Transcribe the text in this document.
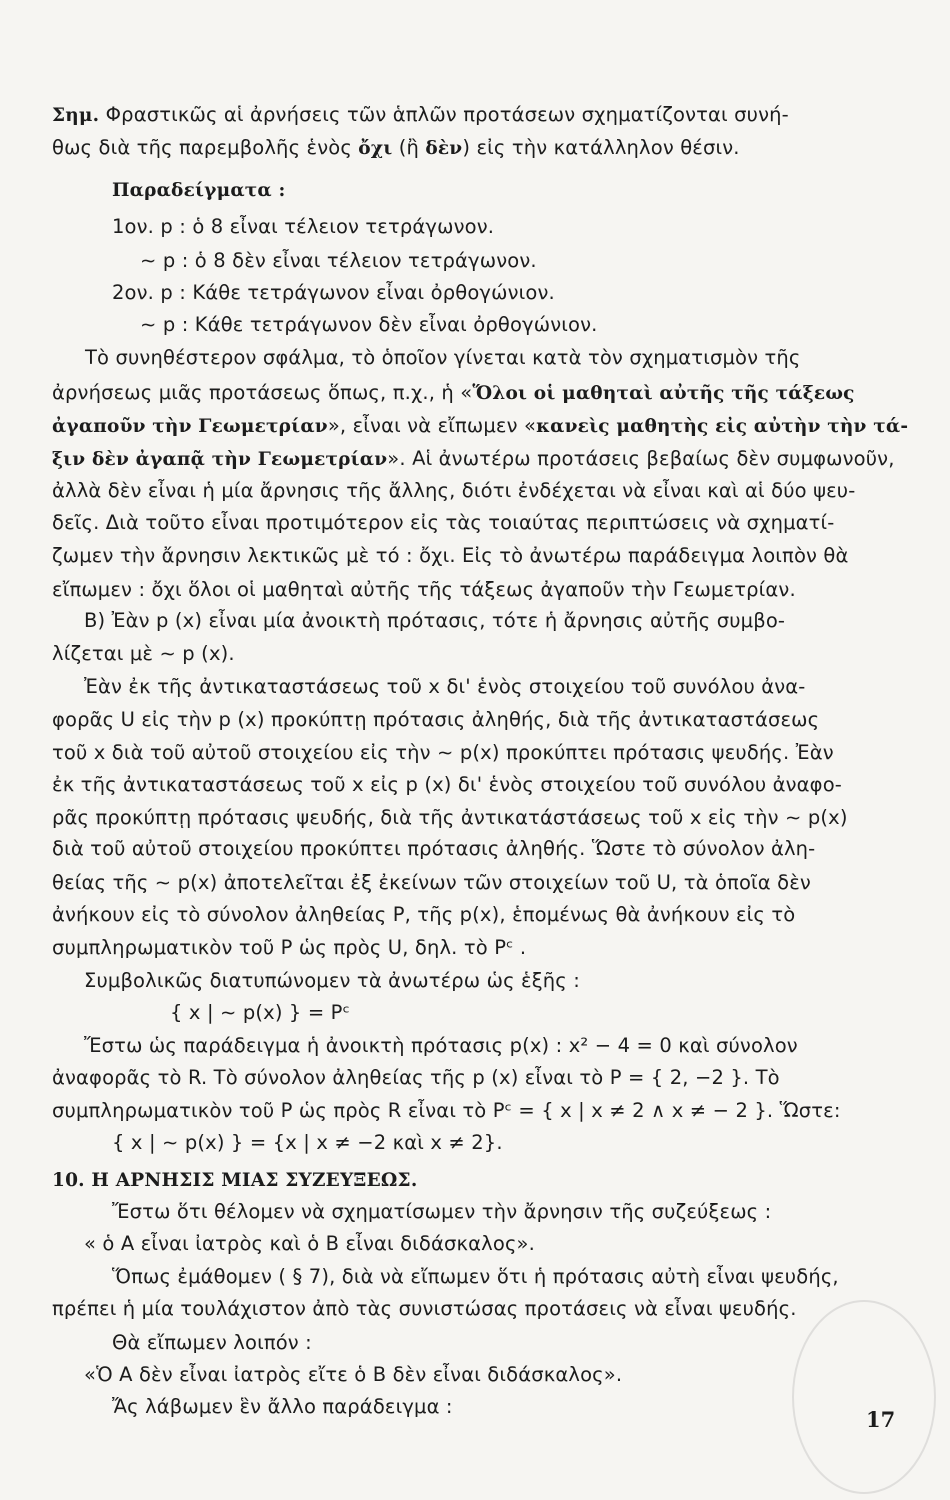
Σημ. Φραστικῶς αἱ ἀρνήσεις τῶν ἁπλῶν προτάσεων σχηματίζονται συνή-
θως διὰ τῆς παρεμβολῆς ἑνὸς ὄχι (ἢ δὲν) εἰς τὴν κατάλληλον θέσιν.
Παραδείγματα :
1ον. p : ὁ 8 εἶναι τέλειον τετράγωνον.
∼ p : ὁ 8 δὲν εἶναι τέλειον τετράγωνον.
2ον. p : Κάθε τετράγωνον εἶναι ὀρθογώνιον.
∼ p : Κάθε τετράγωνον δὲν εἶναι ὀρθογώνιον.
Τὸ συνηθέστερον σφάλμα, τὸ ὁποῖον γίνεται κατὰ τὸν σχηματισμὸν τῆς
ἀρνήσεως μιᾶς προτάσεως ὅπως, π.χ., ἡ «Ὅλοι οἱ μαθηταὶ αὐτῆς τῆς τάξεως
ἀγαποῦν τὴν Γεωμετρίαν», εἶναι νὰ εἴπωμεν «κανεὶς μαθητὴς εἰς αὐτὴν τὴν τά-
ξιν δὲν ἀγαπᾷ τὴν Γεωμετρίαν». Αἱ ἀνωτέρω προτάσεις βεβαίως δὲν συμφωνοῦν,
ἀλλὰ δὲν εἶναι ἡ μία ἄρνησις τῆς ἄλλης, διότι ἐνδέχεται νὰ εἶναι καὶ αἱ δύο ψευ-
δεῖς. Διὰ τοῦτο εἶναι προτιμότερον εἰς τὰς τοιαύτας περιπτώσεις νὰ σχηματί-
ζωμεν τὴν ἄρνησιν λεκτικῶς μὲ τό : ὄχι. Εἰς τὸ ἀνωτέρω παράδειγμα λοιπὸν θὰ
εἴπωμεν : ὄχι ὅλοι οἱ μαθηταὶ αὐτῆς τῆς τάξεως ἀγαποῦν τὴν Γεωμετρίαν.
Β) Ἐὰν p (x) εἶναι μία ἀνοικτὴ πρότασις, τότε ἡ ἄρνησις αὐτῆς συμβο-
λίζεται μὲ ∼ p (x).
Ἐὰν ἐκ τῆς ἀντικαταστάσεως τοῦ x δι' ἑνὸς στοιχείου τοῦ συνόλου ἀνα-
φορᾶς U εἰς τὴν p (x) προκύπτῃ πρότασις ἀληθής, διὰ τῆς ἀντικαταστάσεως
τοῦ x διὰ τοῦ αὐτοῦ στοιχείου εἰς τὴν ∼ p(x) προκύπτει πρότασις ψευδής. Ἐὰν
ἐκ τῆς ἀντικαταστάσεως τοῦ x εἰς p (x) δι' ἑνὸς στοιχείου τοῦ συνόλου ἀναφο-
ρᾶς προκύπτῃ πρότασις ψευδής, διὰ τῆς ἀντικατάστάσεως τοῦ x εἰς τὴν ∼ p(x)
διὰ τοῦ αὐτοῦ στοιχείου προκύπτει πρότασις ἀληθής. Ὥστε τὸ σύνολον ἀλη-
θείας τῆς ∼ p(x) ἀποτελεῖται ἐξ ἐκείνων τῶν στοιχείων τοῦ U, τὰ ὁποῖα δὲν
ἀνήκουν εἰς τὸ σύνολον ἀληθείας P, τῆς p(x), ἑπομένως θὰ ἀνήκουν εἰς τὸ
συμπληρωματικὸν τοῦ P ὡς πρὸς U, δηλ. τὸ Pᶜ .
Συμβολικῶς διατυπώνομεν τὰ ἀνωτέρω ὡς ἑξῆς :
{ x | ∼ p(x) } = Pᶜ
Ἔστω ὡς παράδειγμα ἡ ἀνοικτὴ πρότασις p(x) : x² − 4 = 0 καὶ σύνολον
ἀναφορᾶς τὸ R. Τὸ σύνολον ἀληθείας τῆς p (x) εἶναι τὸ P = { 2, −2 }. Τὸ
συμπληρωματικὸν τοῦ P ὡς πρὸς R εἶναι τὸ Pᶜ = { x | x ≠ 2 ∧ x ≠ − 2 }. Ὥστε:
{ x | ∼ p(x) } = {x | x ≠ −2 καὶ x ≠ 2}.
10. Η ΑΡΝΗΣΙΣ ΜΙΑΣ ΣΥΖΕΥΞΕΩΣ.
Ἔστω ὅτι θέλομεν νὰ σχηματίσωμεν τὴν ἄρνησιν τῆς συζεύξεως :
« ὁ A εἶναι ἰατρὸς καὶ ὁ B εἶναι διδάσκαλος».
Ὅπως ἐμάθομεν ( § 7), διὰ νὰ εἴπωμεν ὅτι ἡ πρότασις αὐτὴ εἶναι ψευδής,
πρέπει ἡ μία τουλάχιστον ἀπὸ τὰς συνιστώσας προτάσεις νὰ εἶναι ψευδής.
Θὰ εἴπωμεν λοιπόν :
«Ὁ A δὲν εἶναι ἰατρὸς εἴτε ὁ B δὲν εἶναι διδάσκαλος».
Ἄς λάβωμεν ἓν ἄλλο παράδειγμα :
17
